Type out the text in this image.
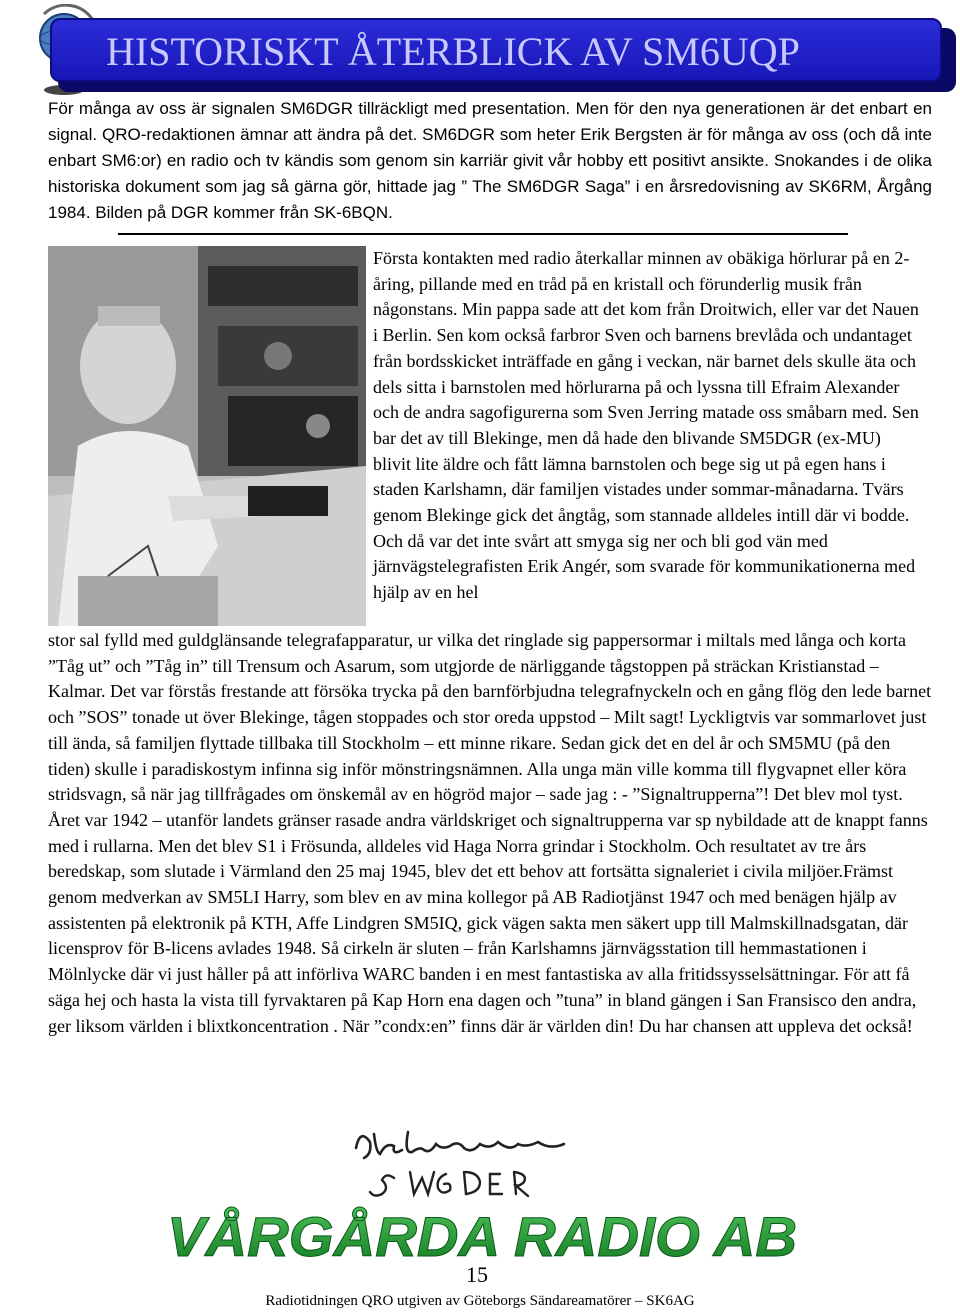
HISTORISKT ÅTERBLICK AV SM6UQP
För många av oss är signalen SM6DGR tillräckligt med presentation. Men för den nya generationen är det enbart en signal. QRO-redaktionen ämnar att ändra på det. SM6DGR som heter Erik Bergsten är för många av oss (och då inte enbart SM6:or) en radio och tv kändis som genom sin karriär givit vår hobby ett positivt ansikte. Snokandes i de olika historiska dokument som jag så gärna gör, hittade jag ” The SM6DGR Saga” i en årsredovisning av SK6RM, Årgång 1984. Bilden på DGR kommer från SK-6BQN.

Första kontakten med radio återkallar minnen av obäkiga hörlurar på en 2-åring, pillande med en tråd på en kristall och förunderlig musik från någonstans. Min pappa sade att det kom från Droitwich, eller var det Nauen i Berlin. Sen kom också farbror Sven och barnens brevlåda och undantaget från bordsskicket inträffade en gång i veckan, när barnet dels skulle äta och dels sitta i barnstolen med hörlurarna på och lyssna till Efraim Alexander och de andra sagofigurerna som Sven Jerring matade oss småbarn med. Sen bar det av till Blekinge, men då hade den blivande SM5DGR (ex-MU) blivit lite äldre och fått lämna barnstolen och bege sig ut på egen hans i staden Karlshamn, där familjen vistades under sommar-månadarna. Tvärs genom Blekinge gick det ångtåg, som stannade alldeles intill där vi bodde. Och då var det inte svårt att smyga sig ner och bli god vän med järnvägstelegrafisten Erik Angér, som svarade för kommunikationerna med hjälp av en hel

stor sal fylld med guldglänsande telegrafapparatur, ur vilka det ringlade sig pappersormar i miltals med långa och korta ”Tåg ut” och ”Tåg in” till Trensum och Asarum, som utgjorde de närliggande tågstoppen på sträckan Kristianstad – Kalmar. Det var förstås frestande att försöka trycka på den barnförbjudna telegrafnyckeln och en gång flög den lede barnet och ”SOS” tonade ut över Blekinge, tågen stoppades och stor oreda uppstod – Milt sagt! Lyckligtvis var sommarlovet just till ända, så familjen flyttade tillbaka till Stockholm – ett minne rikare. Sedan gick det en del år och SM5MU (på den tiden) skulle i paradiskostym infinna sig inför mönstringsnämnen. Alla unga män ville komma till flygvapnet eller köra stridsvagn, så när jag tillfrågades om önskemål av en högröd major – sade jag : - ”Signaltrupperna”! Det blev mol tyst. Året var 1942 – utanför landets gränser rasade andra världskriget och signaltrupperna var sp nybildade att de knappt fanns med i rullarna. Men det blev S1 i Frösunda, alldeles vid Haga Norra grindar i Stockholm. Och resultatet av tre års beredskap, som slutade i Värmland den 25 maj 1945, blev det ett behov att fortsätta signaleriet i civila miljöer.Främst genom medverkan av SM5LI Harry, som blev en av mina kollegor på AB Radiotjänst 1947 och med benägen hjälp av assistenten på elektronik på KTH, Affe Lindgren SM5IQ, gick vägen sakta men säkert upp till Malmskillnadsgatan, där licensprov för B-licens avlades 1948. Så cirkeln är sluten – från Karlshamns järnvägsstation till hemmastationen i Mölnlycke där vi just håller på att införliva WARC banden i en mest fantastiska av alla fritidssysselsättningar. För att få säga hej och hasta la vista till fyrvaktaren på Kap Horn ena dagen och ”tuna” in bland gängen i San Fransisco den andra, ger liksom världen i blixtkoncentration . När ”condx:en” finns där är världen din! Du har chansen att uppleva det också!

VÅRGÅRDA RADIO AB
15
Radiotidningen QRO utgiven av Göteborgs Sändareamatörer – SK6AG
